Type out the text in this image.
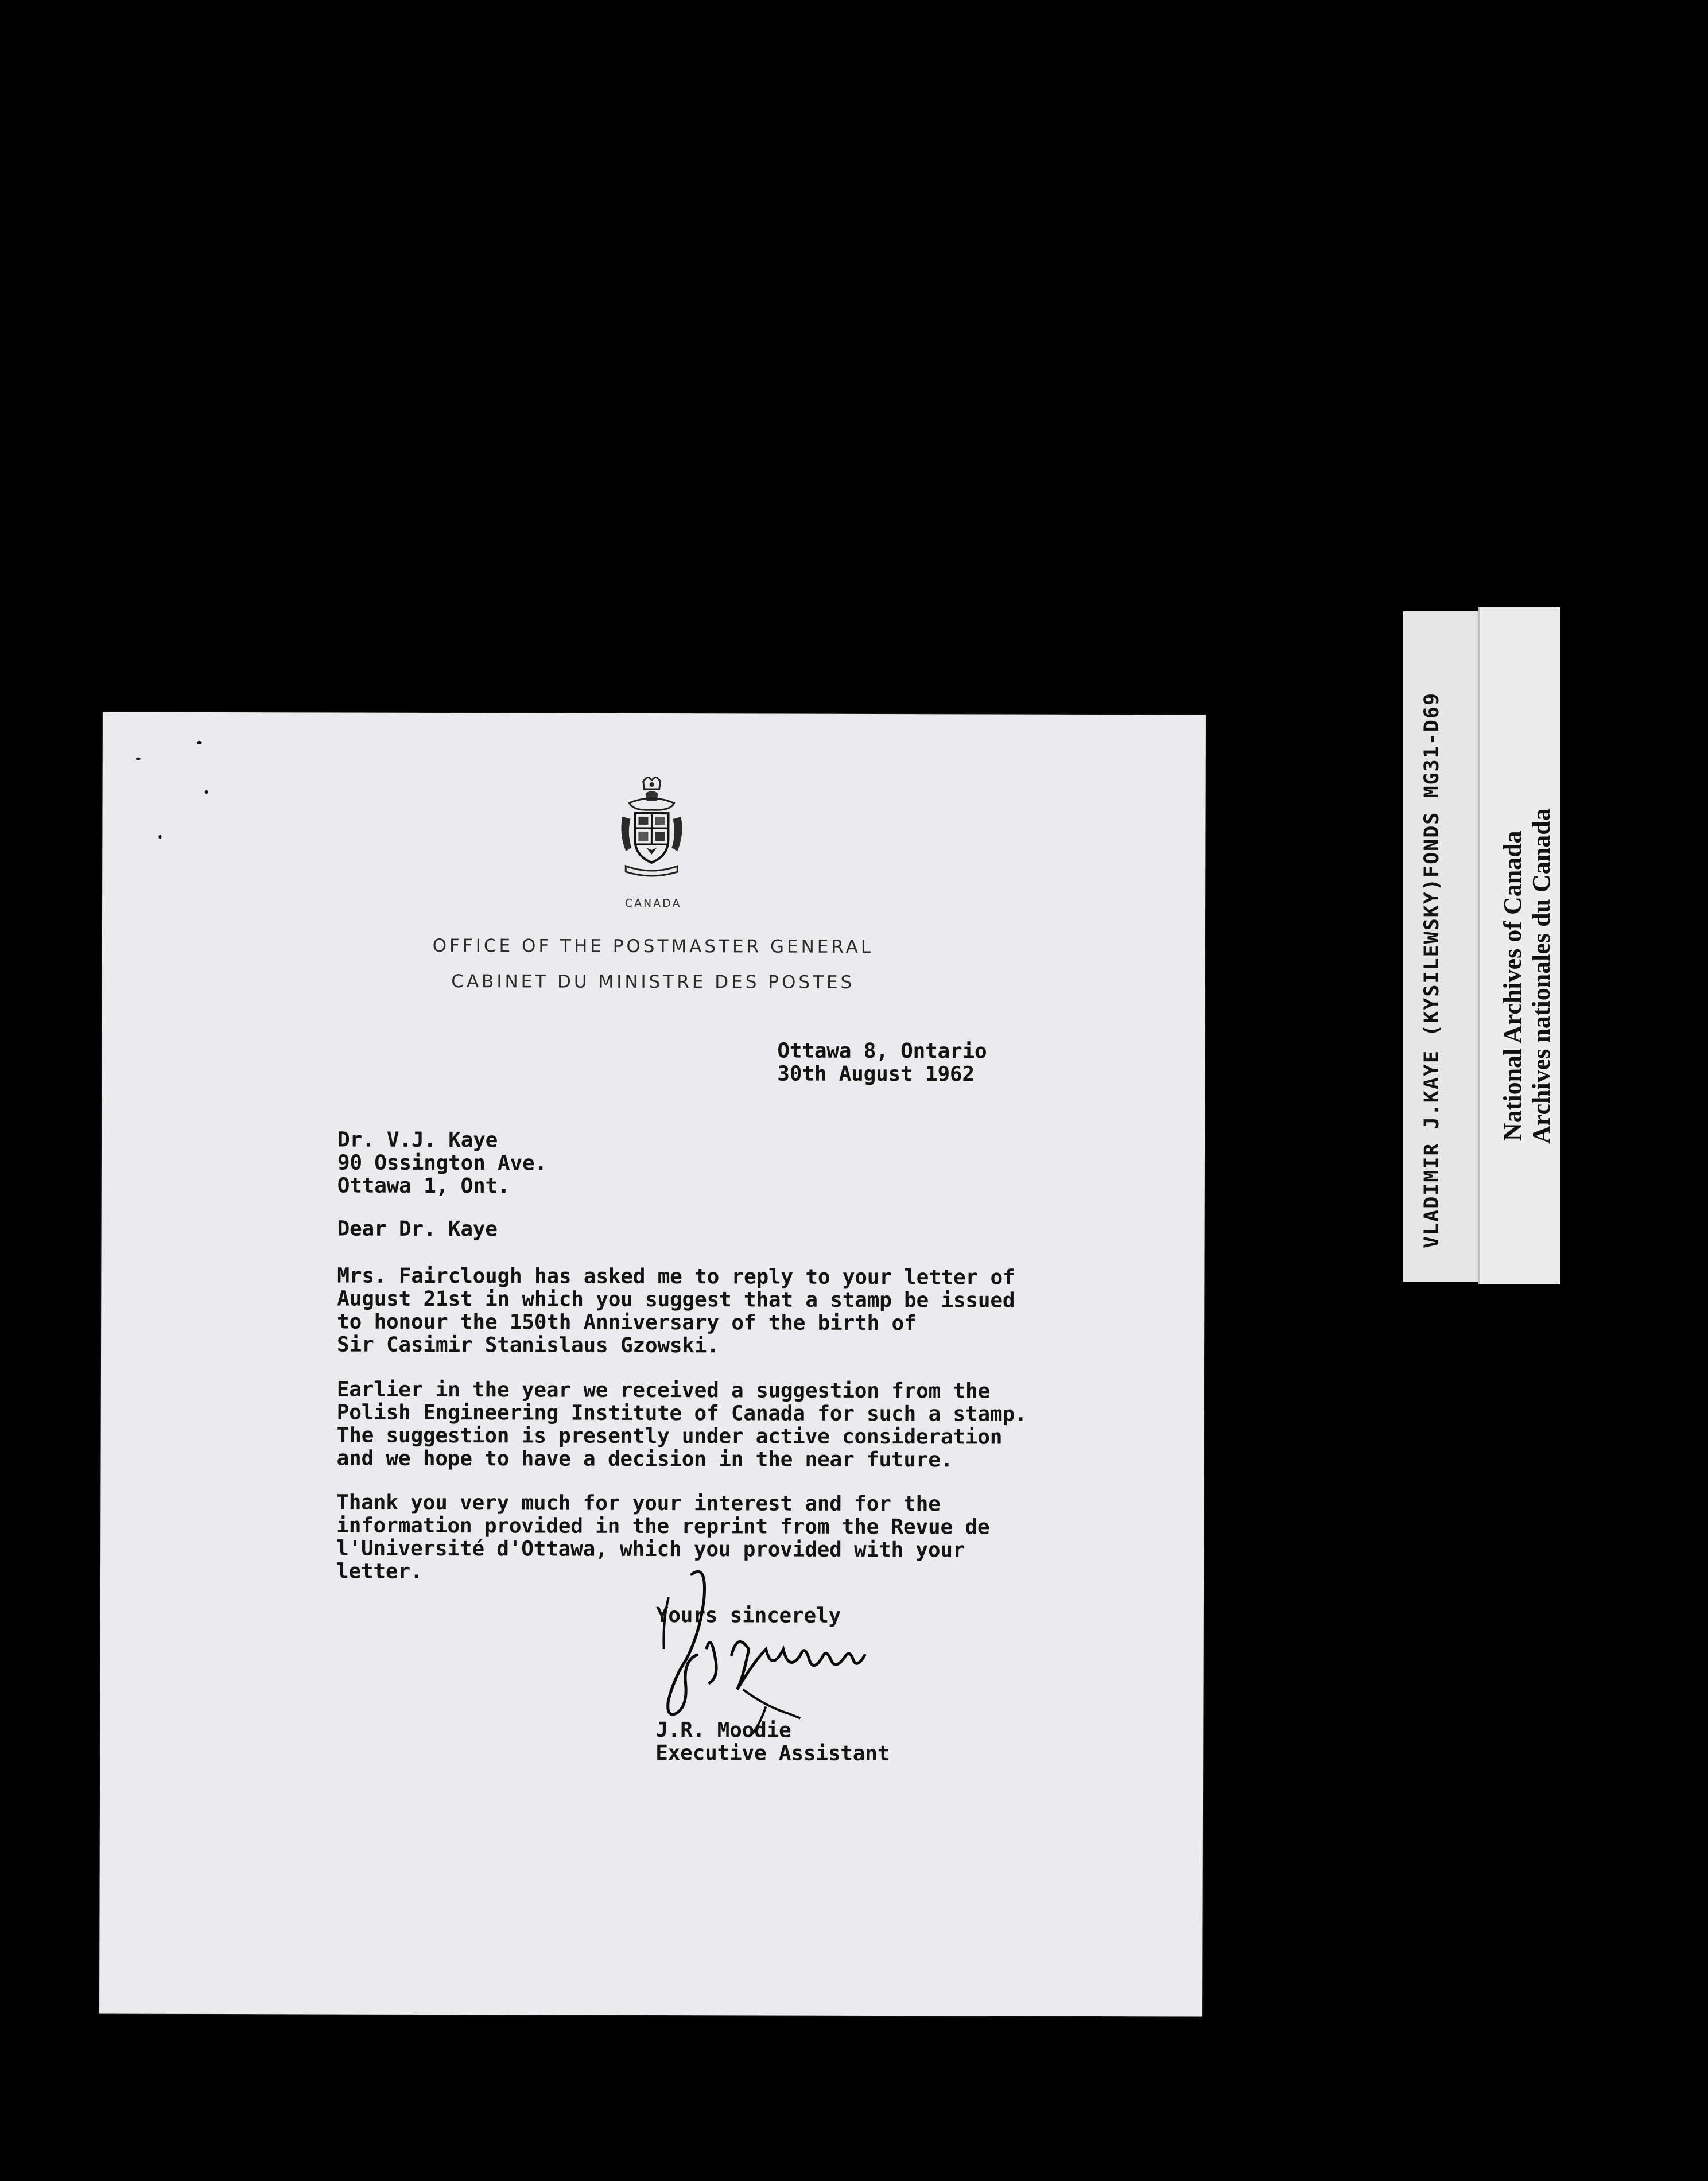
CANADA
OFFICE OF THE POSTMASTER GENERAL
CABINET DU MINISTRE DES POSTES
Ottawa 8, Ontario
30th August 1962
Dr. V.J. Kaye
90 Ossington Ave.
Ottawa 1, Ont.
Dear Dr. Kaye
Mrs. Fairclough has asked me to reply to your letter of
August 21st in which you suggest that a stamp be issued
to honour the 150th Anniversary of the birth of
Sir Casimir Stanislaus Gzowski.
Earlier in the year we received a suggestion from the
Polish Engineering Institute of Canada for such a stamp.
The suggestion is presently under active consideration
and we hope to have a decision in the near future.
Thank you very much for your interest and for the
information provided in the reprint from the Revue de
l'Université d'Ottawa, which you provided with your
letter.
Yours sincerely
J.R. Moodie
Executive Assistant
VLADIMIR J.KAYE (KYSILEWSKY)FONDS MG31-D69 National Archives of Canada Archives nationales du Canada
